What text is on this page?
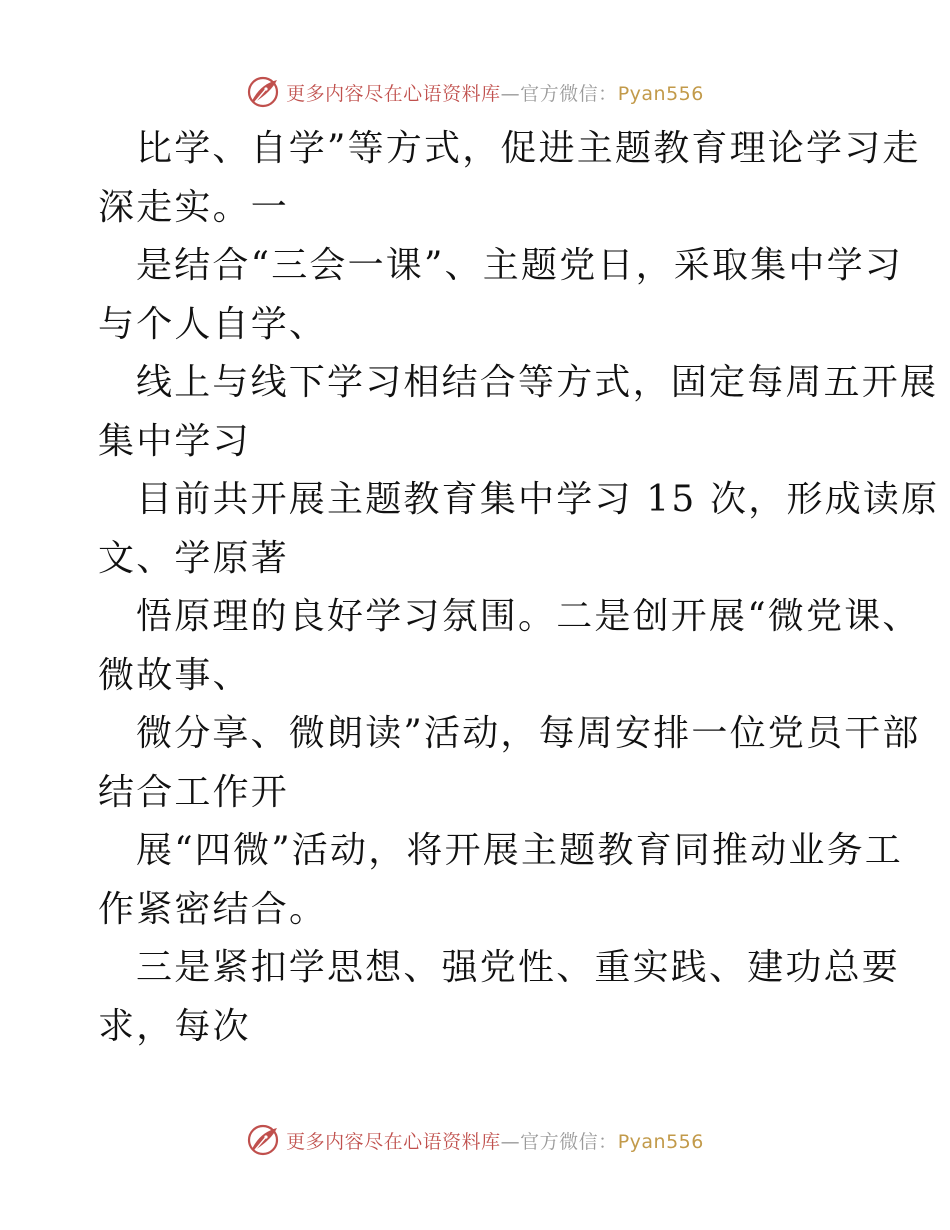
更多内容尽在心语资料库—官方微信：Pyan556
比学、自学”等方式，促进主题教育理论学习走
深走实。一
是结合“三会一课”、主题党日，采取集中学习
与个人自学、
线上与线下学习相结合等方式，固定每周五开展
集中学习
目前共开展主题教育集中学习 15 次，形成读原
文、学原著
悟原理的良好学习氛围。二是创开展“微党课、
微故事、
微分享、微朗读”活动，每周安排一位党员干部
结合工作开
展“四微”活动，将开展主题教育同推动业务工
作紧密结合。
三是紧扣学思想、强党性、重实践、建功总要
求，每次
更多内容尽在心语资料库—官方微信：Pyan556
